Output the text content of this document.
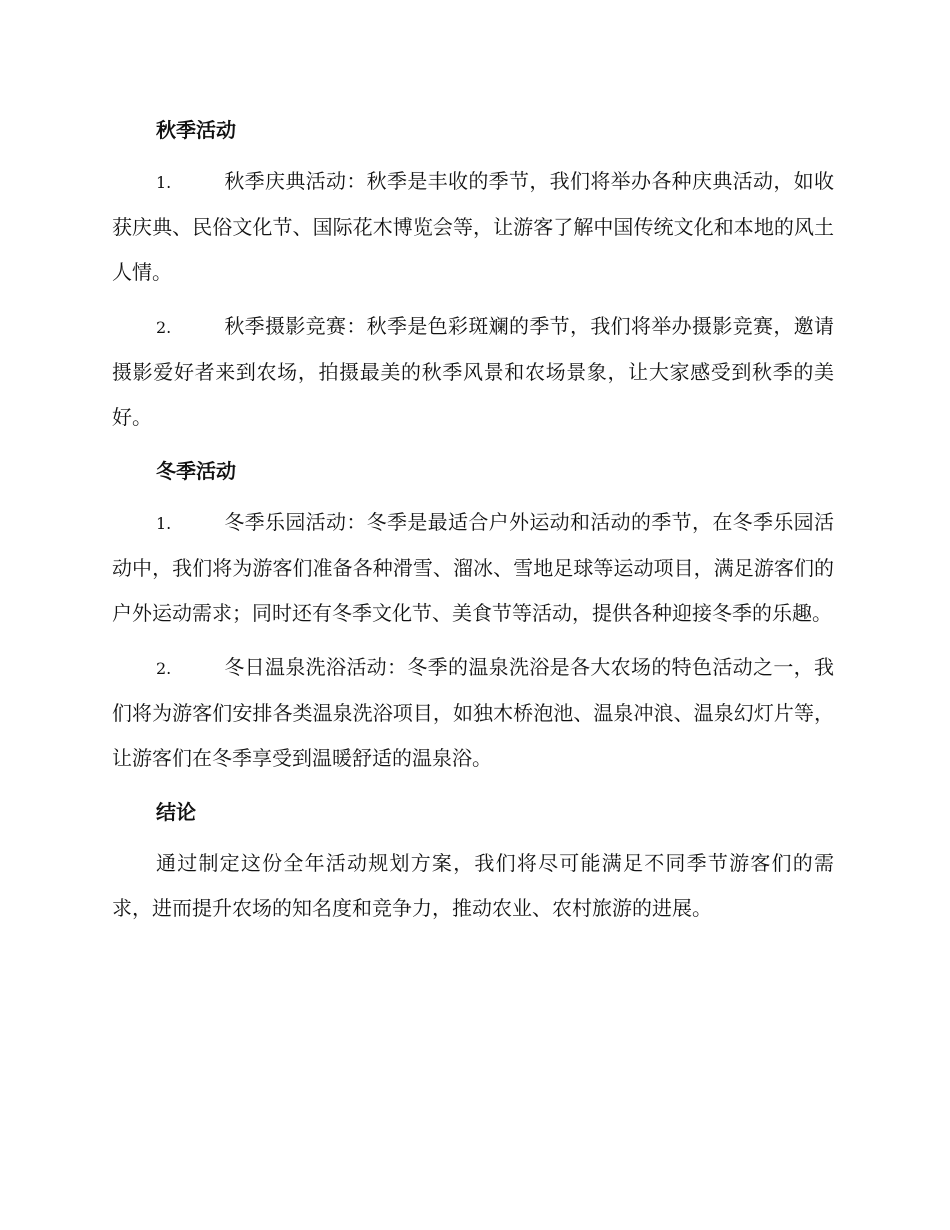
秋季活动

1.	秋季庆典活动：秋季是丰收的季节，我们将举办各种庆典活动，如收获庆典、民俗文化节、国际花木博览会等，让游客了解中国传统文化和本地的风土人情。

2.	秋季摄影竞赛：秋季是色彩斑斓的季节，我们将举办摄影竞赛，邀请摄影爱好者来到农场，拍摄最美的秋季风景和农场景象，让大家感受到秋季的美好。

冬季活动

1.	冬季乐园活动：冬季是最适合户外运动和活动的季节，在冬季乐园活动中，我们将为游客们准备各种滑雪、溜冰、雪地足球等运动项目，满足游客们的户外运动需求；同时还有冬季文化节、美食节等活动，提供各种迎接冬季的乐趣。

2.	冬日温泉洗浴活动：冬季的温泉洗浴是各大农场的特色活动之一，我们将为游客们安排各类温泉洗浴项目，如独木桥泡池、温泉冲浪、温泉幻灯片等，让游客们在冬季享受到温暖舒适的温泉浴。

结论

通过制定这份全年活动规划方案，我们将尽可能满足不同季节游客们的需求，进而提升农场的知名度和竞争力，推动农业、农村旅游的进展。
